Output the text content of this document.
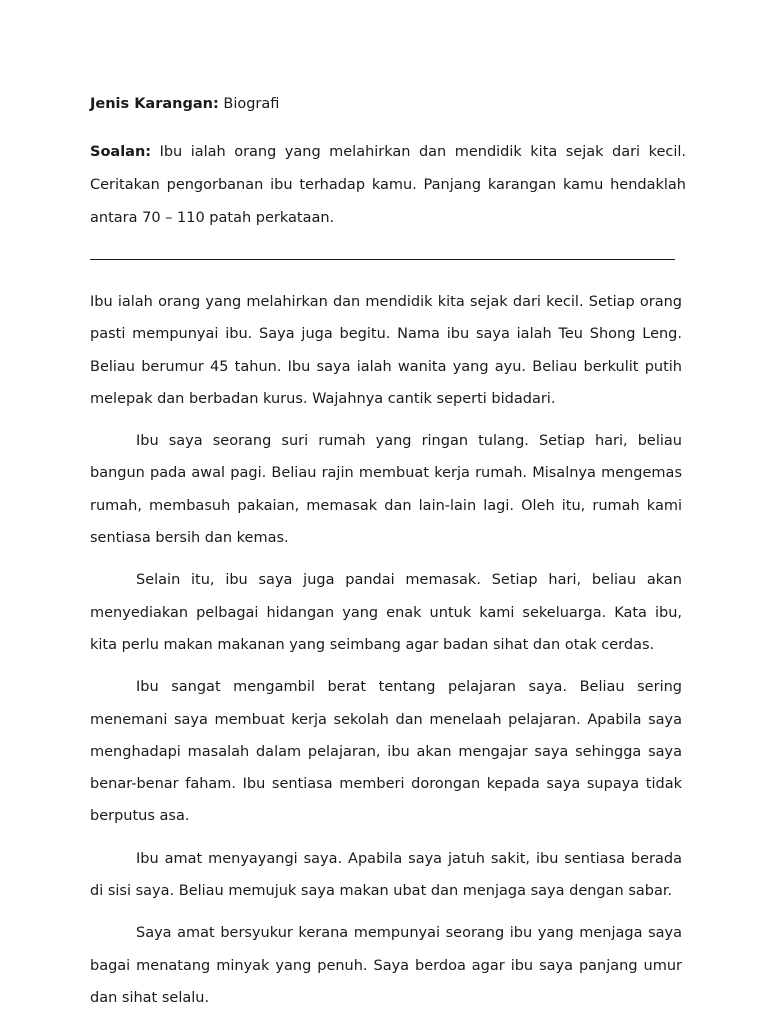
Jenis Karangan: Biografi
Soalan: Ibu ialah orang yang melahirkan dan mendidik kita sejak dari kecil. Ceritakan pengorbanan ibu terhadap kamu. Panjang karangan kamu hendaklah antara 70 – 110 patah perkataan.

Ibu ialah orang yang melahirkan dan mendidik kita sejak dari kecil. Setiap orang pasti mempunyai ibu. Saya juga begitu. Nama ibu saya ialah Teu Shong Leng. Beliau berumur 45 tahun. Ibu saya ialah wanita yang ayu. Beliau berkulit putih melepak dan berbadan kurus. Wajahnya cantik seperti bidadari.

Ibu saya seorang suri rumah yang ringan tulang. Setiap hari, beliau bangun pada awal pagi. Beliau rajin membuat kerja rumah. Misalnya mengemas rumah, membasuh pakaian, memasak dan lain-lain lagi. Oleh itu, rumah kami sentiasa bersih dan kemas.

Selain itu, ibu saya juga pandai memasak. Setiap hari, beliau akan menyediakan pelbagai hidangan yang enak untuk kami sekeluarga. Kata ibu, kita perlu makan makanan yang seimbang agar badan sihat dan otak cerdas.

Ibu sangat mengambil berat tentang pelajaran saya. Beliau sering menemani saya membuat kerja sekolah dan menelaah pelajaran. Apabila saya menghadapi masalah dalam pelajaran, ibu akan mengajar saya sehingga saya benar-benar faham. Ibu sentiasa memberi dorongan kepada saya supaya tidak berputus asa.

Ibu amat menyayangi saya. Apabila saya jatuh sakit, ibu sentiasa berada di sisi saya. Beliau memujuk saya makan ubat dan menjaga saya dengan sabar.

Saya amat bersyukur kerana mempunyai seorang ibu yang menjaga saya bagai menatang minyak yang penuh. Saya berdoa agar ibu saya panjang umur dan sihat selalu.
